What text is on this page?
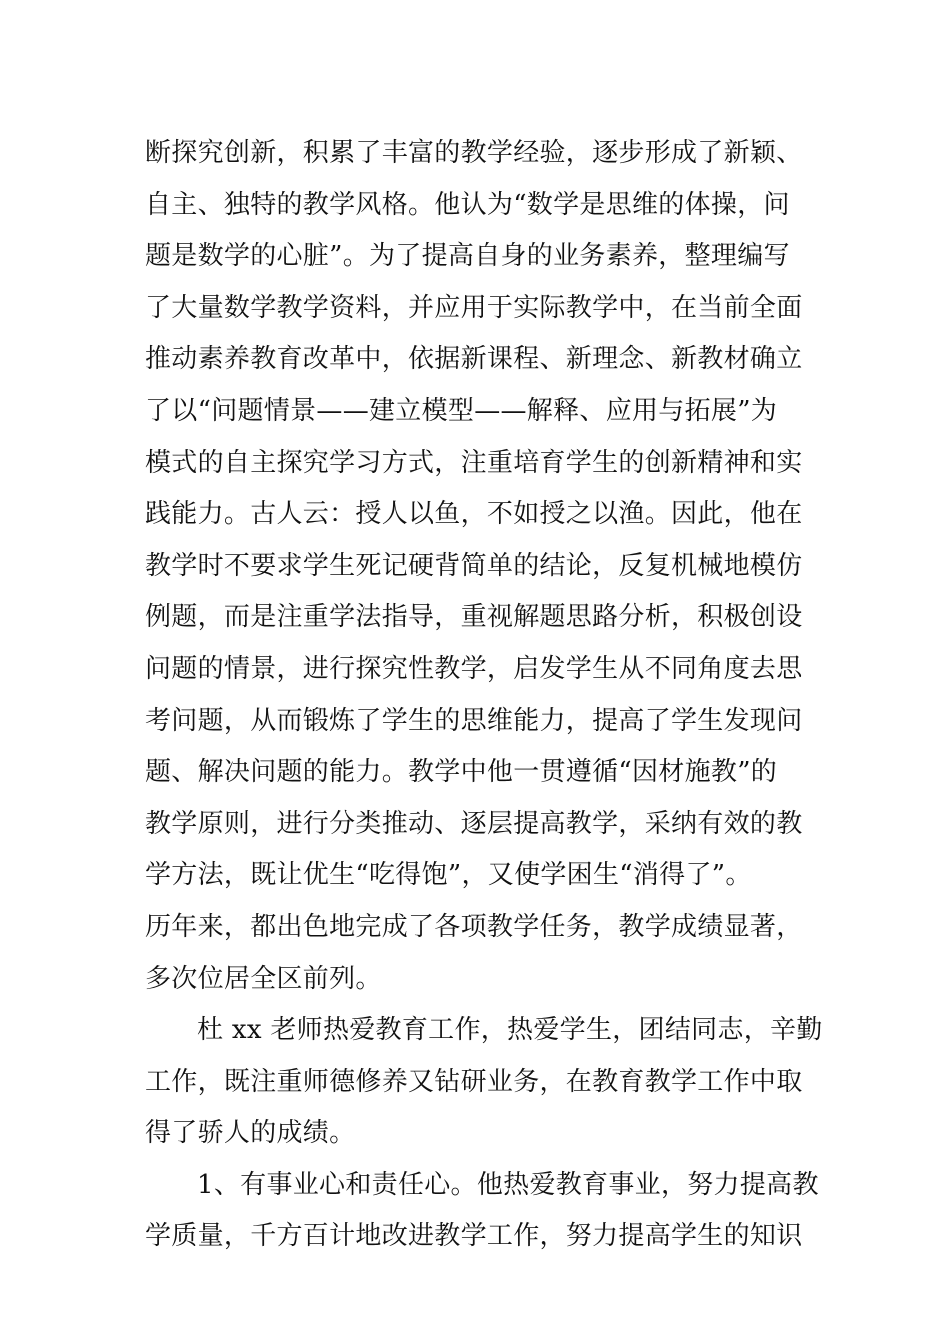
断探究创新，积累了丰富的教学经验，逐步形成了新颖、
自主、独特的教学风格。他认为“数学是思维的体操，问
题是数学的心脏”。为了提高自身的业务素养，整理编写
了大量数学教学资料，并应用于实际教学中，在当前全面
推动素养教育改革中，依据新课程、新理念、新教材确立
了以“问题情景——建立模型——解释、应用与拓展”为
模式的自主探究学习方式，注重培育学生的创新精神和实
践能力。古人云：授人以鱼，不如授之以渔。因此，他在
教学时不要求学生死记硬背简单的结论，反复机械地模仿
例题，而是注重学法指导，重视解题思路分析，积极创设
问题的情景，进行探究性教学，启发学生从不同角度去思
考问题，从而锻炼了学生的思维能力，提高了学生发现问
题、解决问题的能力。教学中他一贯遵循“因材施教”的
教学原则，进行分类推动、逐层提高教学，采纳有效的教
学方法，既让优生“吃得饱”，又使学困生“消得了”。
历年来，都出色地完成了各项教学任务，教学成绩显著，
多次位居全区前列。
杜 xx 老师热爱教育工作，热爱学生，团结同志，辛勤
工作，既注重师德修养又钻研业务，在教育教学工作中取
得了骄人的成绩。
1、有事业心和责任心。他热爱教育事业，努力提高教
学质量，千方百计地改进教学工作，努力提高学生的知识
